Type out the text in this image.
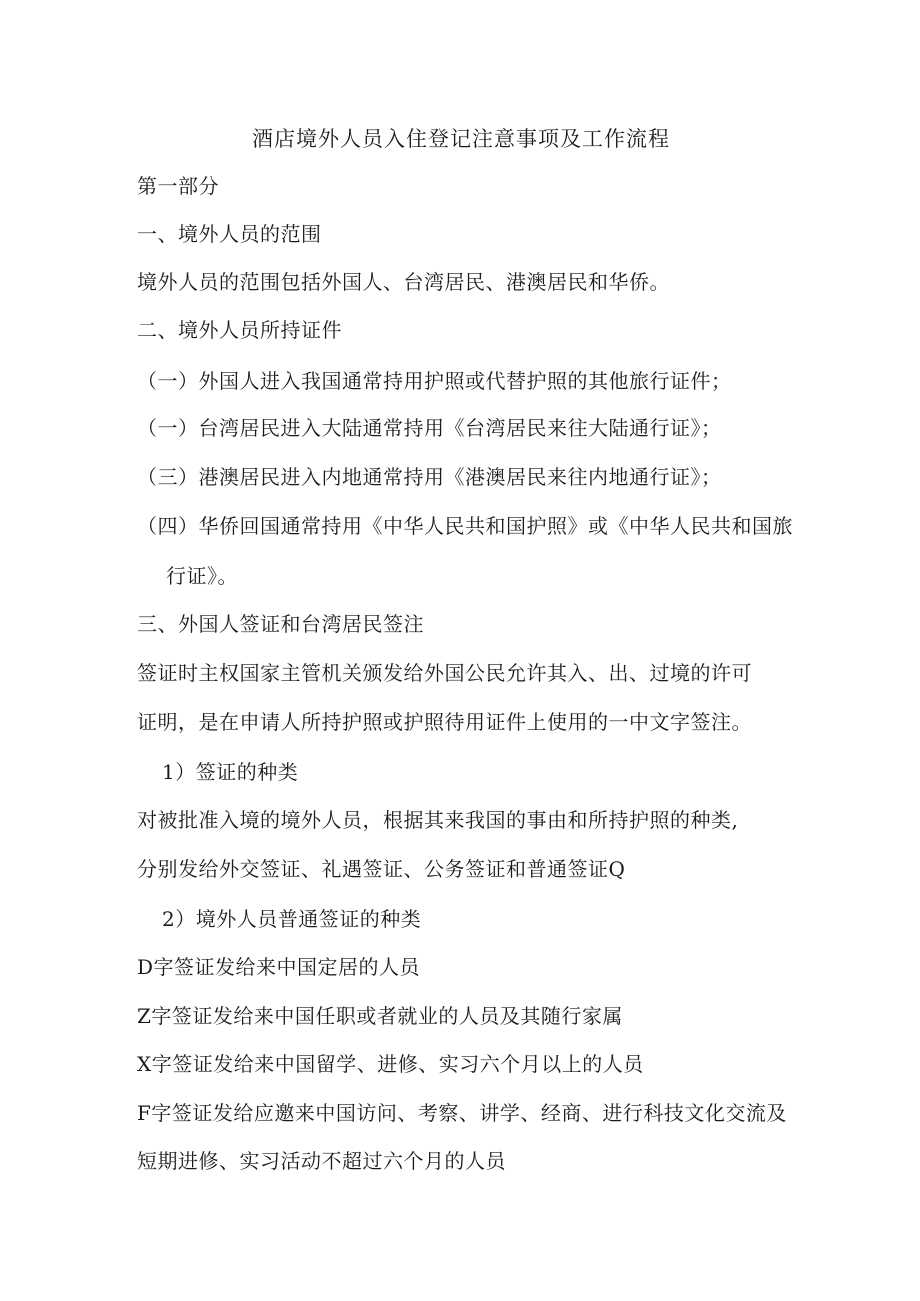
酒店境外人员入住登记注意事项及工作流程
第一部分
一、境外人员的范围
境外人员的范围包括外国人、台湾居民、港澳居民和华侨。
二、境外人员所持证件
（一）外国人进入我国通常持用护照或代替护照的其他旅行证件；
（一）台湾居民进入大陆通常持用《台湾居民来往大陆通行证》；
（三）港澳居民进入内地通常持用《港澳居民来往内地通行证》；
（四）华侨回国通常持用《中华人民共和国护照》或《中华人民共和国旅
行证》。
三、外国人签证和台湾居民签注
签证时主权国家主管机关颁发给外国公民允许其入、出、过境的许可
证明，是在申请人所持护照或护照待用证件上使用的一中文字签注。
1）签证的种类
对被批准入境的境外人员，根据其来我国的事由和所持护照的种类,
分别发给外交签证、礼遇签证、公务签证和普通签证Q
2）境外人员普通签证的种类
D字签证发给来中国定居的人员
Z字签证发给来中国任职或者就业的人员及其随行家属
X字签证发给来中国留学、进修、实习六个月以上的人员
F字签证发给应邀来中国访问、考察、讲学、经商、进行科技文化交流及
短期进修、实习活动不超过六个月的人员
